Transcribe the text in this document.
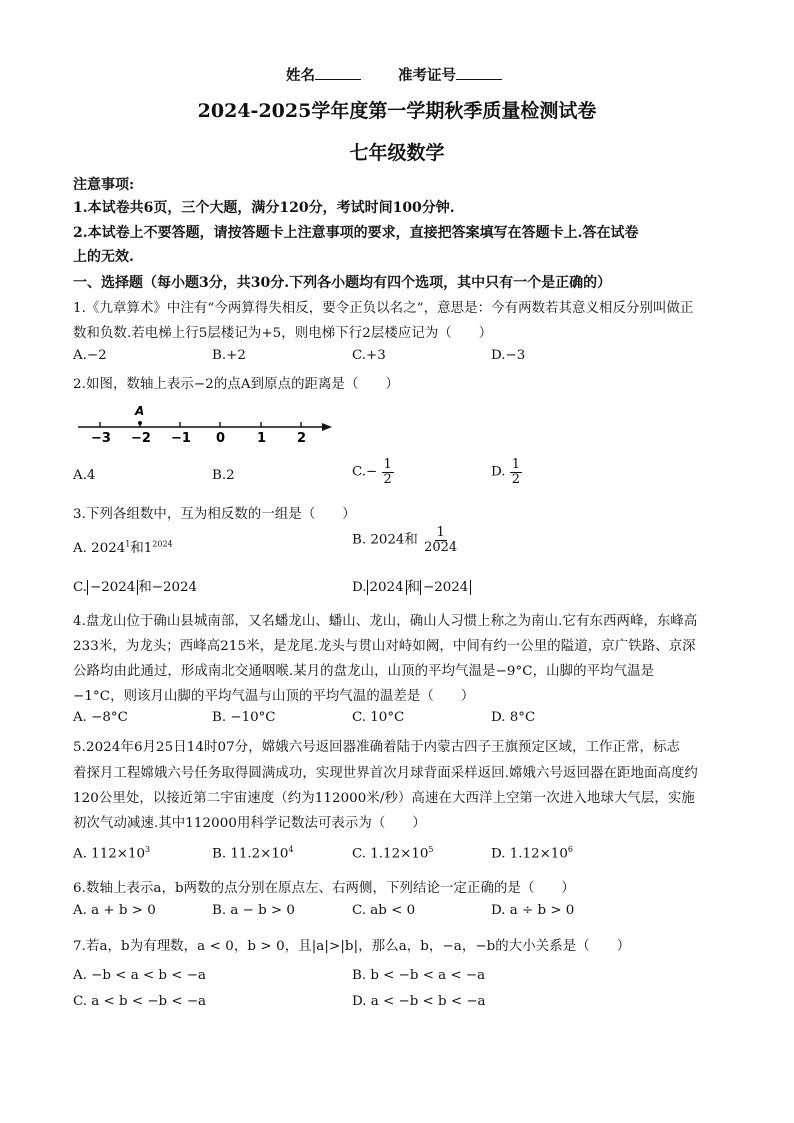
姓名	准考证号
2024-2025学年度第一学期秋季质量检测试卷
七年级数学
注意事项:
1.本试卷共6页，三个大题，满分120分，考试时间100分钟.
2.本试卷上不要答题，请按答题卡上注意事项的要求，直接把答案填写在答题卡上.答在试卷
上的无效.
一、选择题（每小题3分，共30分.下列各小题均有四个选项，其中只有一个是正确的）
1.《九章算术》中注有“今两算得失相反，要令正负以名之”，意思是：今有两数若其意义相反分别叫做正
数和负数.若电梯上行5层楼记为+5，则电梯下行2层楼应记为（　　）
A.−2	B.+2	C.+3	D.−3
2.如图，数轴上表示−2的点A到原点的距离是（　　）
A
−3 −2 −1 0 1 2
A.4	B.2	$C.- \frac{1}{2}$	D. $\frac{1}{2}$
3.下列各组数中，互为相反数的一组是（　　）
A. 2024$^1$和$1^{2024}$	B. 2024和 $\frac{1}{2024}$
C. −2024 和−2024	D. 2024 和 −2024
4.盘龙山位于确山县城南部，又名蟠龙山、蟠山、龙山，确山人习惯上称之为南山.它有东西两峰，东峰高
233米，为龙头；西峰高215米，是龙尾.龙头与贯山对峙如阙，中间有约一公里的隘道，京广铁路、京深
公路均由此通过，形成南北交通咽喉.某月的盘龙山，山顶的平均气温是−9°C，山脚的平均气温是
−1°C，则该月山脚的平均气温与山顶的平均气温的温差是（　　）
A. −8°C	B. −10°C	C. 10°C	D. 8°C
5.2024年6月25日14时07分，嫦娥六号返回器准确着陆于内蒙古四子王旗预定区域，工作正常，标志
着探月工程嫦娥六号任务取得圆满成功，实现世界首次月球背面采样返回.嫦娥六号返回器在距地面高度约
120公里处，以接近第二宇宙速度（约为112000米/秒）高速在大西洋上空第一次进入地球大气层，实施
初次气动减速.其中112000用科学记数法可表示为（　　）
A. $112\times 10^3$	B. $11.2\times 10^4$	C. $1.12\times 10^5$	D. $1.12\times 10^6$
6.数轴上表示a，b两数的点分别在原点左、右两侧，下列结论一定正确的是（　　）
A. a + b > 0	B. a − b > 0	C. ab < 0	D. a ÷ b > 0
7.若a，b为有理数，a < 0，b > 0，且|a|>|b|，那么a，b，−a，−b的大小关系是（　　）
A. −b < a < b < −a	B. b < −b < a < −a
C. a < b < −b < −a	D. a < −b < b < −a
